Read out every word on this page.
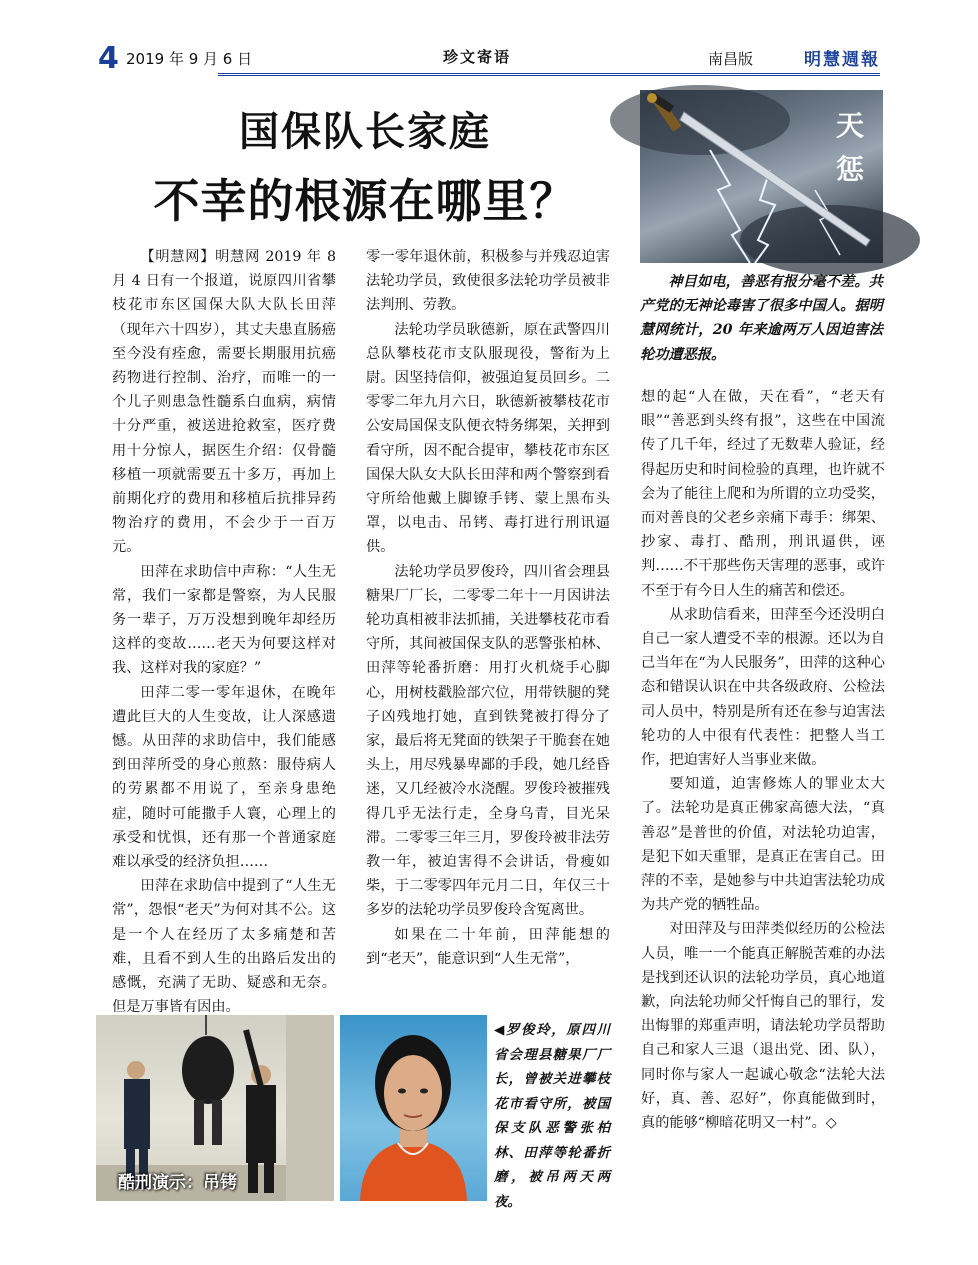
4 2019 年 9 月 6 日	珍文寄语	南昌版	明慧週報
国保队长家庭
不幸的根源在哪里？
天
惩
神目如电，善恶有报分毫不差。共产党的无神论毒害了很多中国人。据明慧网统计，20 年来逾两万人因迫害法轮功遭恶报。

【明慧网】明慧网 2019 年 8 月 4 日有一个报道，说原四川省攀枝花市东区国保大队大队长田萍（现年六十四岁），其丈夫患直肠癌至今没有痊愈，需要长期服用抗癌药物进行控制、治疗，而唯一的一个儿子则患急性髓系白血病，病情十分严重，被送进抢救室，医疗费用十分惊人，据医生介绍：仅骨髓移植一项就需要五十多万，再加上前期化疗的费用和移植后抗排异药物治疗的费用，不会少于一百万元。

田萍在求助信中声称：“人生无常，我们一家都是警察，为人民服务一辈子，万万没想到晚年却经历这样的变故……老天为何要这样对我、这样对我的家庭？”

田萍二零一零年退休，在晚年遭此巨大的人生变故，让人深感遗憾。从田萍的求助信中，我们能感到田萍所受的身心煎熬：服侍病人的劳累都不用说了，至亲身患绝症，随时可能撒手人寰，心理上的承受和忧惧，还有那一个普通家庭难以承受的经济负担……

田萍在求助信中提到了“人生无常”，怨恨“老天”为何对其不公。这是一个人在经历了太多痛楚和苦难，且看不到人生的出路后发出的感慨，充满了无助、疑惑和无奈。但是万事皆有因由。

零一零年退休前，积极参与并残忍迫害法轮功学员，致使很多法轮功学员被非法判刑、劳教。

法轮功学员耿德新，原在武警四川总队攀枝花市支队服现役，警衔为上尉。因坚持信仰，被强迫复员回乡。二零零二年九月六日，耿德新被攀枝花市公安局国保支队便衣特务绑架，关押到看守所，因不配合提审，攀枝花市东区国保大队女大队长田萍和两个警察到看守所给他戴上脚镣手铐、蒙上黑布头罩，以电击、吊铐、毒打进行刑讯逼供。

法轮功学员罗俊玲，四川省会理县糖果厂厂长，二零零二年十一月因讲法轮功真相被非法抓捕，关进攀枝花市看守所，其间被国保支队的恶警张柏林、田萍等轮番折磨：用打火机烧手心脚心，用树枝戳脸部穴位，用带铁腿的凳子凶残地打她，直到铁凳被打得分了家，最后将无凳面的铁架子干脆套在她头上，用尽残暴卑鄙的手段，她几经昏迷，又几经被冷水浇醒。罗俊玲被摧残得几乎无法行走，全身乌青，目光呆滞。二零零三年三月，罗俊玲被非法劳教一年，被迫害得不会讲话，骨瘦如柴，于二零零四年元月二日，年仅三十多岁的法轮功学员罗俊玲含冤离世。

如果在二十年前，田萍能想的到“老天”，能意识到“人生无常”，

想的起“人在做，天在看”，“老天有眼”“善恶到头终有报”，这些在中国流传了几千年，经过了无数辈人验证，经得起历史和时间检验的真理，也许就不会为了能往上爬和为所谓的立功受奖，而对善良的父老乡亲痛下毒手：绑架、抄家、毒打、酷刑，刑讯逼供，诬判……不干那些伤天害理的恶事，或许不至于有今日人生的痛苦和偿还。

从求助信看来，田萍至今还没明白自己一家人遭受不幸的根源。还以为自己当年在“为人民服务”，田萍的这种心态和错误认识在中共各级政府、公检法司人员中，特别是所有还在参与迫害法轮功的人中很有代表性：把整人当工作，把迫害好人当事业来做。

要知道，迫害修炼人的罪业太大了。法轮功是真正佛家高德大法，“真善忍”是普世的价值，对法轮功迫害，是犯下如天重罪，是真正在害自己。田萍的不幸，是她参与中共迫害法轮功成为共产党的牺牲品。

对田萍及与田萍类似经历的公检法人员，唯一一个能真正解脱苦难的办法是找到还认识的法轮功学员，真心地道歉，向法轮功师父忏悔自己的罪行，发出悔罪的郑重声明，请法轮功学员帮助自己和家人三退（退出党、团、队），同时你与家人一起诚心敬念“法轮大法好，真、善、忍好”，你真能做到时，真的能够“柳暗花明又一村”。◇

酷刑演示：吊铐
◀罗俊玲，原四川省会理县糖果厂厂长，曾被关进攀枝花市看守所，被国保支队恶警张柏林、田萍等轮番折磨，被吊两天两夜。
